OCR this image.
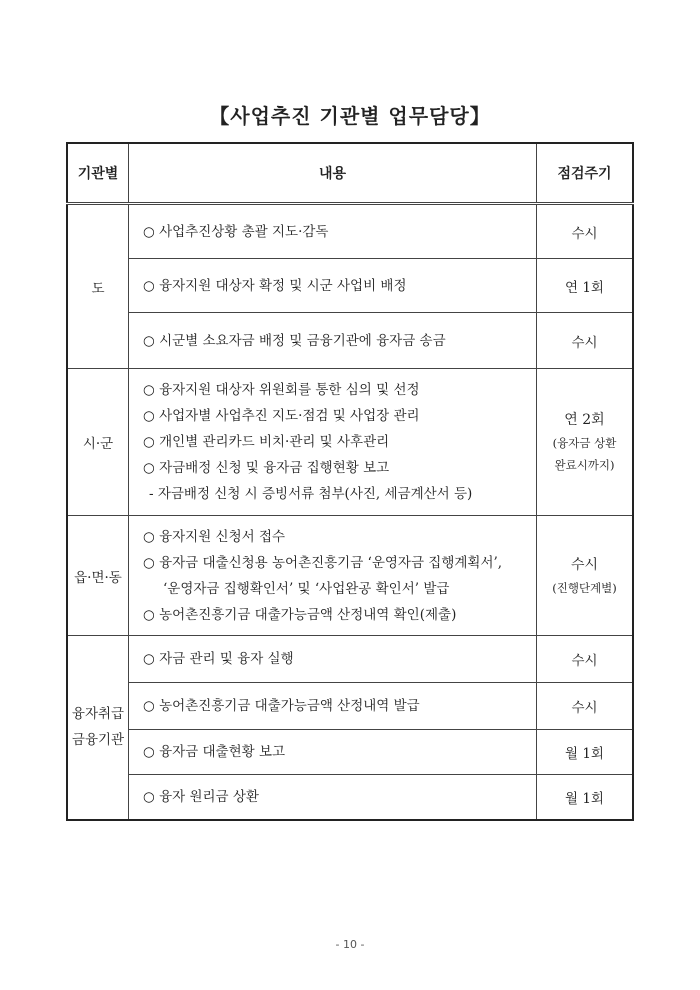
【사업추진 기관별 업무담당】
기관별	내용	점검주기
도	○ 사업추진상황 총괄 지도·감독	수시

	○ 융자지원 대상자 확정 및 시군 사업비 배정	연 1회

	○ 시군별 소요자금 배정 및 금융기관에 융자금 송금	수시
시·군	○ 융자지원 대상자 위원회를 통한 심의 및 선정
○ 사업자별 사업추진 지도·점검 및 사업장 관리
○ 개인별 관리카드 비치·관리 및 사후관리
○ 자금배정 신청 및 융자금 집행현황 보고
- 자금배정 신청 시 증빙서류 첨부(사진, 세금계산서 등)	연 2회
(융자금 상환
완료시까지)

읍·면·동	○ 융자지원 신청서 접수
○ 융자금 대출신청용 농어촌진흥기금 ‘운영자금 집행계획서’,
‘운영자금 집행확인서’ 및 ‘사업완공 확인서’ 발급
○ 농어촌진흥기금 대출가능금액 산정내역 확인(제출)	수시
(진행단계별)

융자취급
금융기관	○ 자금 관리 및 융자 실행	수시

	○ 농어촌진흥기금 대출가능금액 산정내역 발급	수시

	○ 융자금 대출현황 보고	월 1회

	○ 융자 원리금 상환	월 1회
- 10 -
